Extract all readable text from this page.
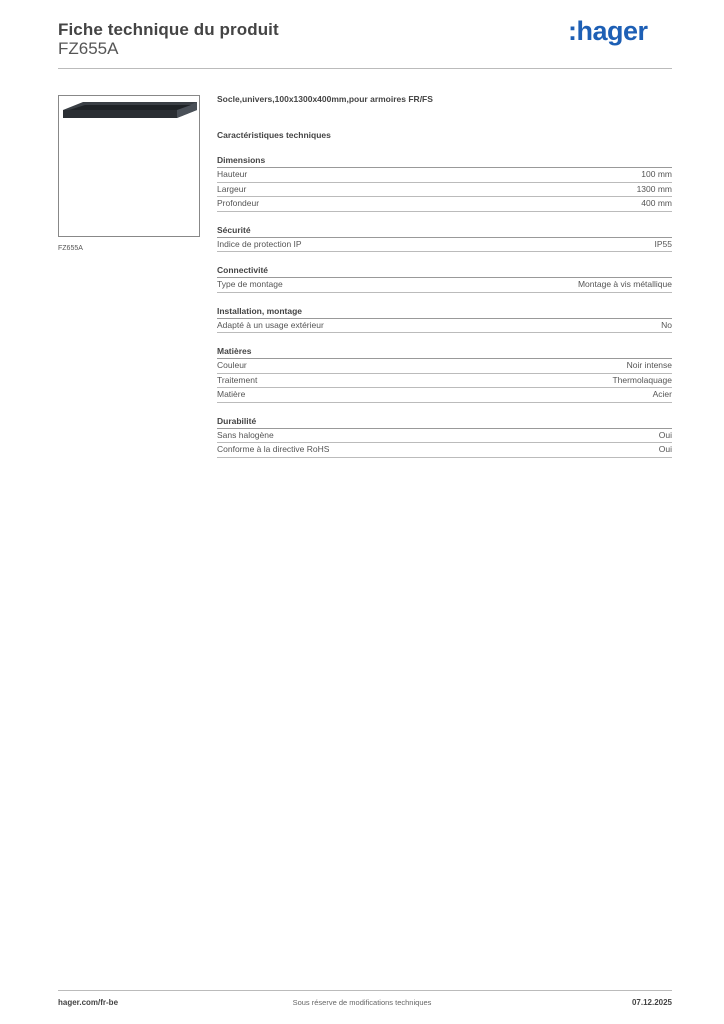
Fiche technique du produit
FZ655A
:hager
FZ655A
Socle,univers,100x1300x400mm,pour armoires FR/FS
Caractéristiques techniques
Dimensions
Hauteur	100 mm
Largeur	1300 mm
Profondeur	400 mm
Sécurité
Indice de protection IP	IP55
Connectivité
Type de montage	Montage à vis métallique
Installation, montage
Adapté à un usage extérieur	No
Matières
Couleur	Noir intense
Traitement	Thermolaquage
Matière	Acier
Durabilité
Sans halogène	Oui
Conforme à la directive RoHS	Oui
hager.com/fr-be	Sous réserve de modifications techniques	07.12.2025
